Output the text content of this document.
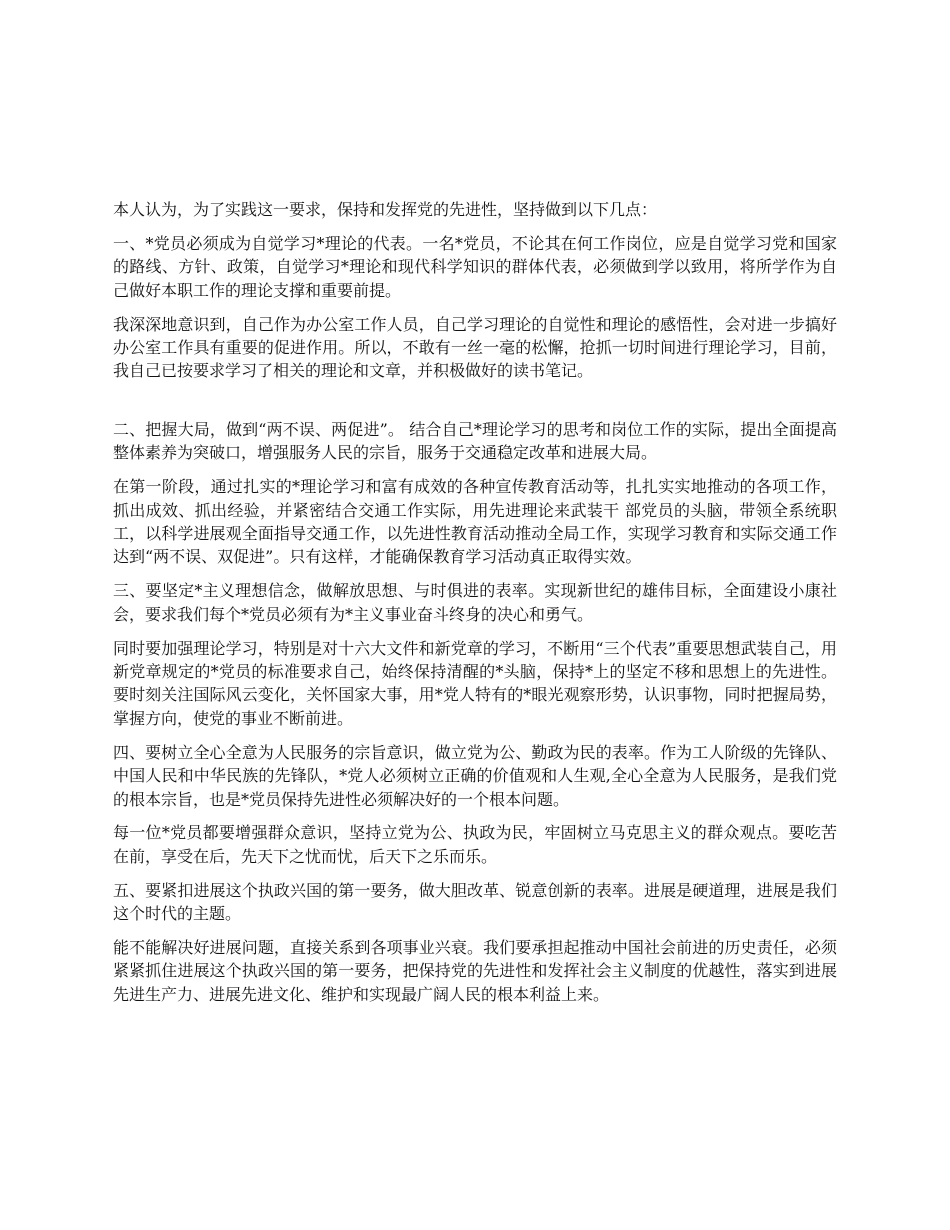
本人认为，为了实践这一要求，保持和发挥党的先进性，坚持做到以下几点：

一、*党员必须成为自觉学习*理论的代表。一名*党员，不论其在何工作岗位，应是自觉学习党和国家的路线、方针、政策，自觉学习*理论和现代科学知识的群体代表，必须做到学以致用，将所学作为自己做好本职工作的理论支撑和重要前提。

我深深地意识到，自己作为办公室工作人员，自己学习理论的自觉性和理论的感悟性，会对进一步搞好办公室工作具有重要的促进作用。所以，不敢有一丝一毫的松懈，抢抓一切时间进行理论学习，目前， 我自己已按要求学习了相关的理论和文章，并积极做好的读书笔记。

二、把握大局，做到“两不误、两促进”。 结合自己*理论学习的思考和岗位工作的实际，提出全面提高整体素养为突破口，增强服务人民的宗旨，服务于交通稳定改革和进展大局。

在第一阶段，通过扎实的*理论学习和富有成效的各种宣传教育活动等，扎扎实实地推动的各项工作，抓出成效、抓出经验，并紧密结合交通工作实际，用先进理论来武装干 部党员的头脑，带领全系统职工，以科学进展观全面指导交通工作，以先进性教育活动推动全局工作，实现学习教育和实际交通工作达到“两不误、双促进”。只有这样，才能确保教育学习活动真正取得实效。

三、要坚定*主义理想信念，做解放思想、与时俱进的表率。实现新世纪的雄伟目标，全面建设小康社会，要求我们每个*党员必须有为*主义事业奋斗终身的决心和勇气。

同时要加强理论学习，特别是对十六大文件和新党章的学习，不断用“三个代表”重要思想武装自己，用新党章规定的*党员的标准要求自己，始终保持清醒的*头脑，保持*上的坚定不移和思想上的先进性。要时刻关注国际风云变化，关怀国家大事，用*党人特有的*眼光观察形势，认识事物，同时把握局势，掌握方向，使党的事业不断前进。

四、要树立全心全意为人民服务的宗旨意识，做立党为公、勤政为民的表率。作为工人阶级的先锋队、中国人民和中华民族的先锋队，*党人必须树立正确的价值观和人生观,全心全意为人民服务，是我们党的根本宗旨，也是*党员保持先进性必须解决好的一个根本问题。

每一位*党员都要增强群众意识，坚持立党为公、执政为民，牢固树立马克思主义的群众观点。要吃苦在前，享受在后，先天下之忧而忧，后天下之乐而乐。

五、要紧扣进展这个执政兴国的第一要务，做大胆改革、锐意创新的表率。进展是硬道理，进展是我们这个时代的主题。

能不能解决好进展问题，直接关系到各项事业兴衰。我们要承担起推动中国社会前进的历史责任，必须紧紧抓住进展这个执政兴国的第一要务，把保持党的先进性和发挥社会主义制度的优越性，落实到进展先进生产力、进展先进文化、维护和实现最广阔人民的根本利益上来。
